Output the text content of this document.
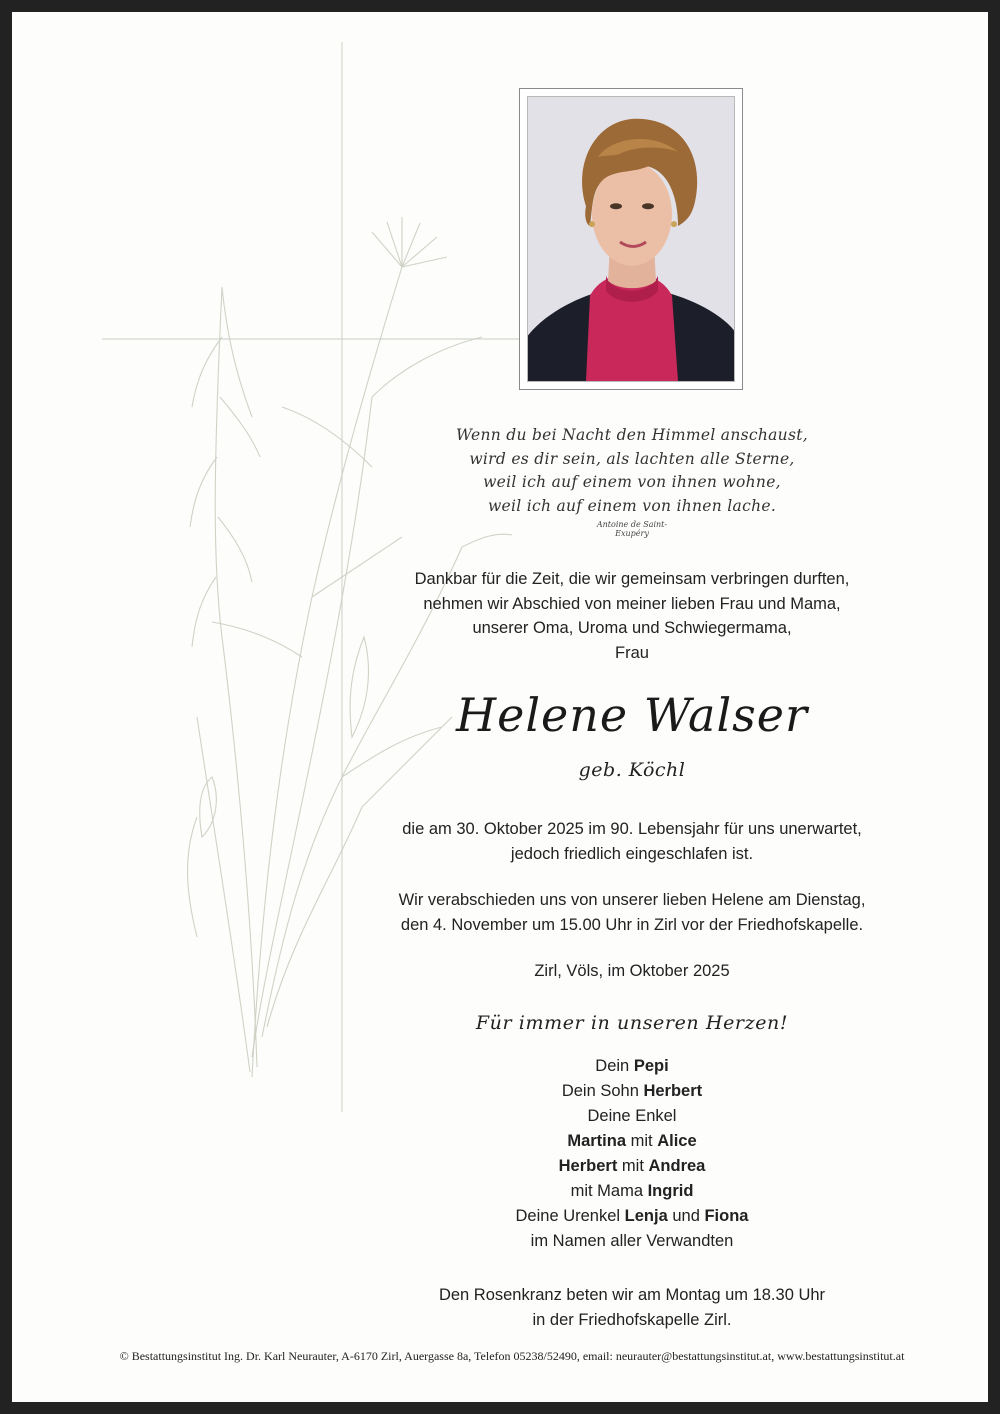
Wenn du bei Nacht den Himmel anschaust,
wird es dir sein, als lachten alle Sterne,
weil ich auf einem von ihnen wohne,
weil ich auf einem von ihnen lache.
Antoine de Saint-Exupéry
Dankbar für die Zeit, die wir gemeinsam verbringen durften,
nehmen wir Abschied von meiner lieben Frau und Mama,
unserer Oma, Uroma und Schwiegermama,
Frau
Helene Walser
geb. Köchl
die am 30. Oktober 2025 im 90. Lebensjahr für uns unerwartet,
jedoch friedlich eingeschlafen ist.
Wir verabschieden uns von unserer lieben Helene am Dienstag,
den 4. November um 15.00 Uhr in Zirl vor der Friedhofskapelle.
Zirl, Völs, im Oktober 2025
Für immer in unseren Herzen!
Dein Pepi
Dein Sohn Herbert
Deine Enkel
Martina mit Alice
Herbert mit Andrea
mit Mama Ingrid
Deine Urenkel Lenja und Fiona
im Namen aller Verwandten
Den Rosenkranz beten wir am Montag um 18.30 Uhr
in der Friedhofskapelle Zirl.
© Bestattungsinstitut Ing. Dr. Karl Neurauter, A-6170 Zirl, Auergasse 8a, Telefon 05238/52490, email: neurauter@bestattungsinstitut.at, www.bestattungsinstitut.at
